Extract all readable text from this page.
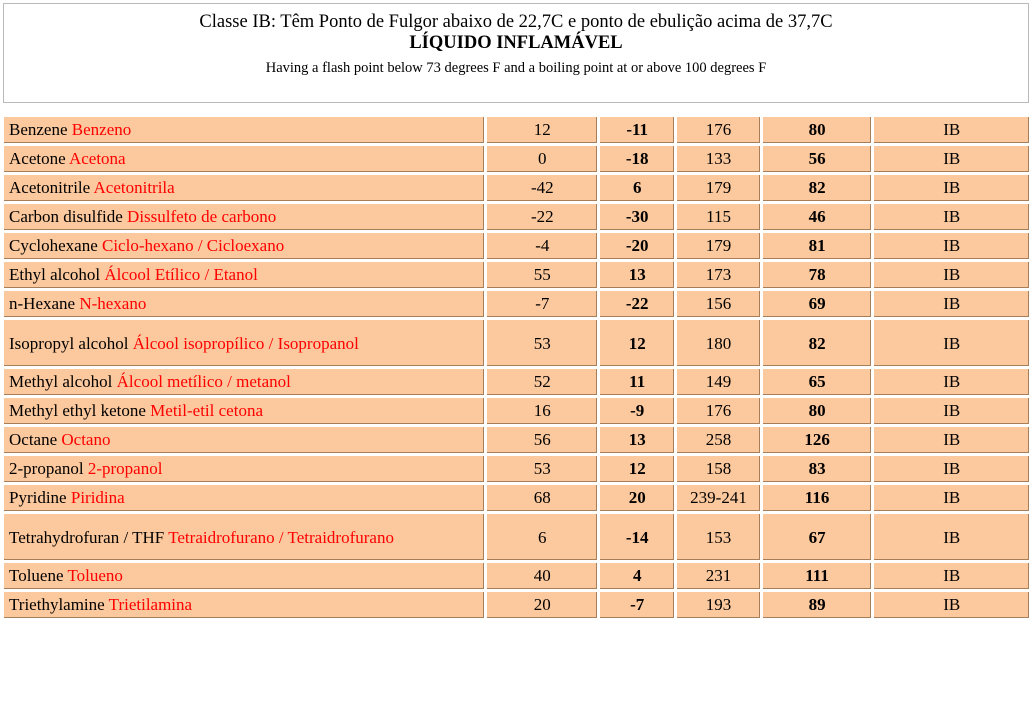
Classe IB: Têm Ponto de Fulgor abaixo de 22,7C e ponto de ebulição acima de 37,7C
LÍQUIDO INFLAMÁVEL
Having a flash point below 73 degrees F and a boiling point at or above 100 degrees F
Benzene Benzeno	12	-11	176	80	IB
Acetone Acetona	0	-18	133	56	IB
Acetonitrile Acetonitrila	-42	6	179	82	IB
Carbon disulfide Dissulfeto de carbono	-22	-30	115	46	IB
Cyclohexane Ciclo-hexano / Cicloexano	-4	-20	179	81	IB
Ethyl alcohol Álcool Etílico / Etanol	55	13	173	78	IB
n-Hexane N-hexano	-7	-22	156	69	IB
Isopropyl alcohol Álcool isopropílico / Isopropanol	53	12	180	82	IB
Methyl alcohol Álcool metílico / metanol	52	11	149	65	IB
Methyl ethyl ketone Metil-etil cetona	16	-9	176	80	IB
Octane Octano	56	13	258	126	IB
2-propanol 2-propanol	53	12	158	83	IB
Pyridine Piridina	68	20	239-241	116	IB
Tetrahydrofuran / THF Tetraidrofurano / Tetraidrofurano	6	-14	153	67	IB
Toluene Tolueno	40	4	231	111	IB
Triethylamine Trietilamina	20	-7	193	89	IB
